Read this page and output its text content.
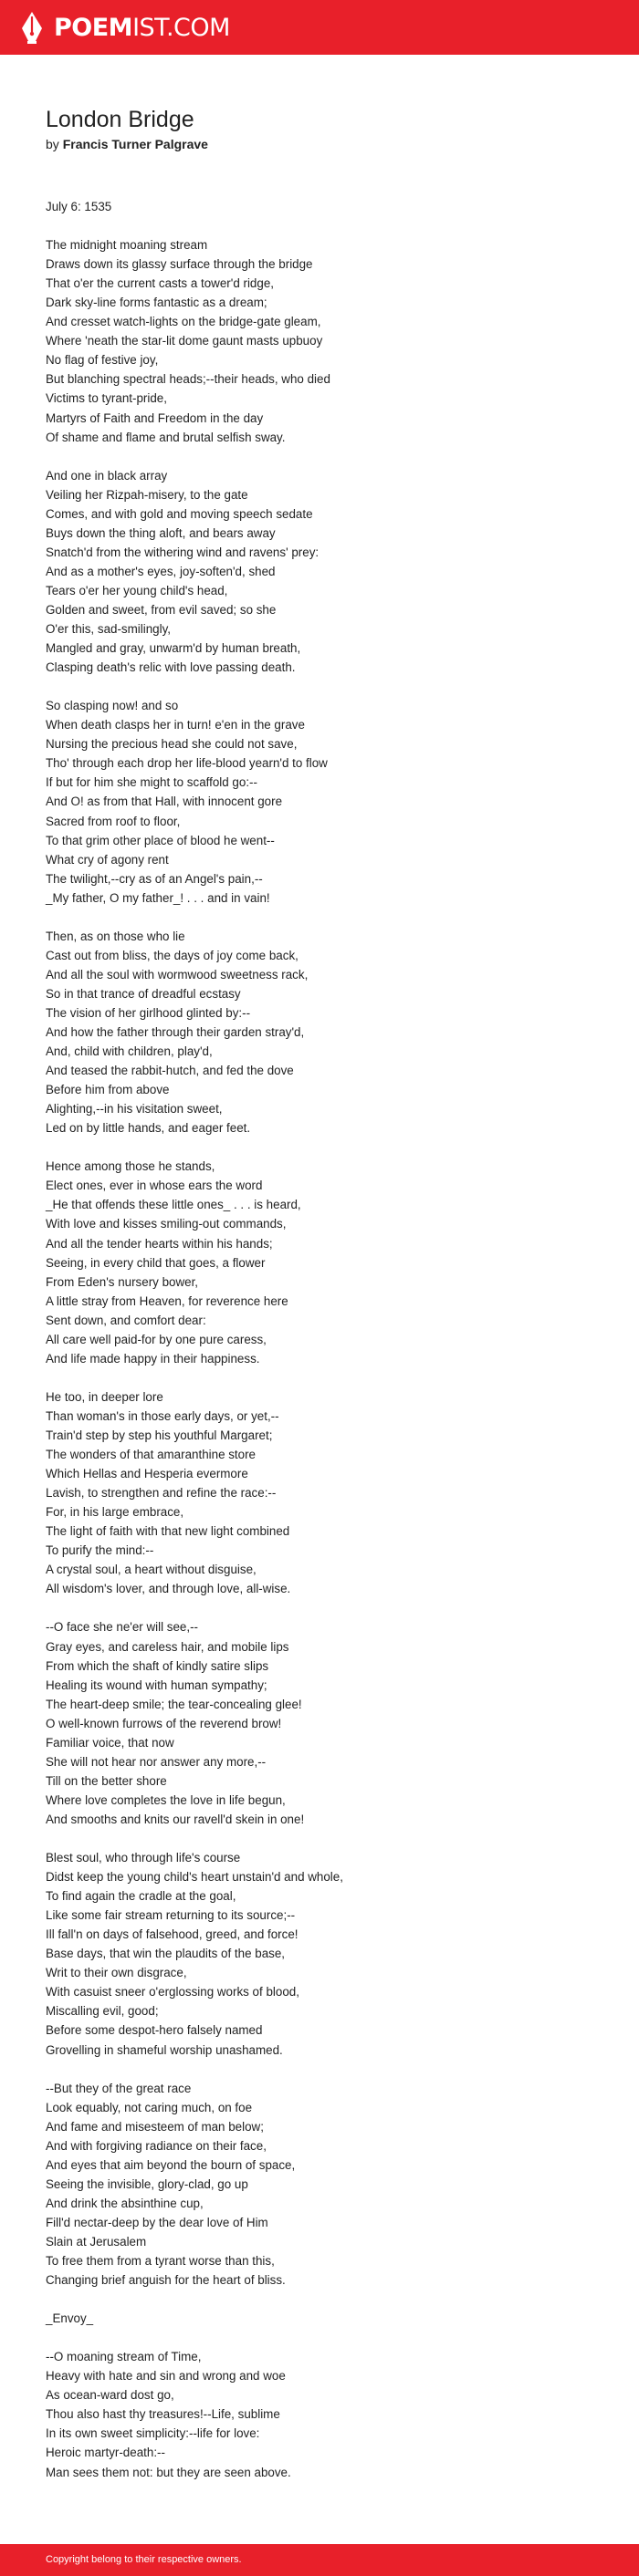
POEMIST.COM
London Bridge
by Francis Turner Palgrave
July 6: 1535

The midnight moaning stream
Draws down its glassy surface through the bridge
That o'er the current casts a tower'd ridge,
Dark sky-line forms fantastic as a dream;
And cresset watch-lights on the bridge-gate gleam,
Where 'neath the star-lit dome gaunt masts upbuoy
No flag of festive joy,
But blanching spectral heads;--their heads, who died
Victims to tyrant-pride,
Martyrs of Faith and Freedom in the day
Of shame and flame and brutal selfish sway.

And one in black array
Veiling her Rizpah-misery, to the gate
Comes, and with gold and moving speech sedate
Buys down the thing aloft, and bears away
Snatch'd from the withering wind and ravens' prey:
And as a mother's eyes, joy-soften'd, shed
Tears o'er her young child's head,
Golden and sweet, from evil saved; so she
O'er this, sad-smilingly,
Mangled and gray, unwarm'd by human breath,
Clasping death's relic with love passing death.

So clasping now! and so
When death clasps her in turn! e'en in the grave
Nursing the precious head she could not save,
Tho' through each drop her life-blood yearn'd to flow
If but for him she might to scaffold go:--
And O! as from that Hall, with innocent gore
Sacred from roof to floor,
To that grim other place of blood he went--
What cry of agony rent
The twilight,--cry as of an Angel's pain,--
_My father, O my father_! . . . and in vain!

Then, as on those who lie
Cast out from bliss, the days of joy come back,
And all the soul with wormwood sweetness rack,
So in that trance of dreadful ecstasy
The vision of her girlhood glinted by:--
And how the father through their garden stray'd,
And, child with children, play'd,
And teased the rabbit-hutch, and fed the dove
Before him from above
Alighting,--in his visitation sweet,
Led on by little hands, and eager feet.

Hence among those he stands,
Elect ones, ever in whose ears the word
_He that offends these little ones_ . . . is heard,
With love and kisses smiling-out commands,
And all the tender hearts within his hands;
Seeing, in every child that goes, a flower
From Eden's nursery bower,
A little stray from Heaven, for reverence here
Sent down, and comfort dear:
All care well paid-for by one pure caress,
And life made happy in their happiness.

He too, in deeper lore
Than woman's in those early days, or yet,--
Train'd step by step his youthful Margaret;
The wonders of that amaranthine store
Which Hellas and Hesperia evermore
Lavish, to strengthen and refine the race:--
For, in his large embrace,
The light of faith with that new light combined
To purify the mind:--
A crystal soul, a heart without disguise,
All wisdom's lover, and through love, all-wise.

--O face she ne'er will see,--
Gray eyes, and careless hair, and mobile lips
From which the shaft of kindly satire slips
Healing its wound with human sympathy;
The heart-deep smile; the tear-concealing glee!
O well-known furrows of the reverend brow!
Familiar voice, that now
She will not hear nor answer any more,--
Till on the better shore
Where love completes the love in life begun,
And smooths and knits our ravell'd skein in one!

Blest soul, who through life's course
Didst keep the young child's heart unstain'd and whole,
To find again the cradle at the goal,
Like some fair stream returning to its source;--
Ill fall'n on days of falsehood, greed, and force!
Base days, that win the plaudits of the base,
Writ to their own disgrace,
With casuist sneer o'erglossing works of blood,
Miscalling evil, good;
Before some despot-hero falsely named
Grovelling in shameful worship unashamed.

--But they of the great race
Look equably, not caring much, on foe
And fame and misesteem of man below;
And with forgiving radiance on their face,
And eyes that aim beyond the bourn of space,
Seeing the invisible, glory-clad, go up
And drink the absinthine cup,
Fill'd nectar-deep by the dear love of Him
Slain at Jerusalem
To free them from a tyrant worse than this,
Changing brief anguish for the heart of bliss.

_Envoy_

--O moaning stream of Time,
Heavy with hate and sin and wrong and woe
As ocean-ward dost go,
Thou also hast thy treasures!--Life, sublime
In its own sweet simplicity:--life for love:
Heroic martyr-death:--
Man sees them not: but they are seen above.
Copyright belong to their respective owners.
